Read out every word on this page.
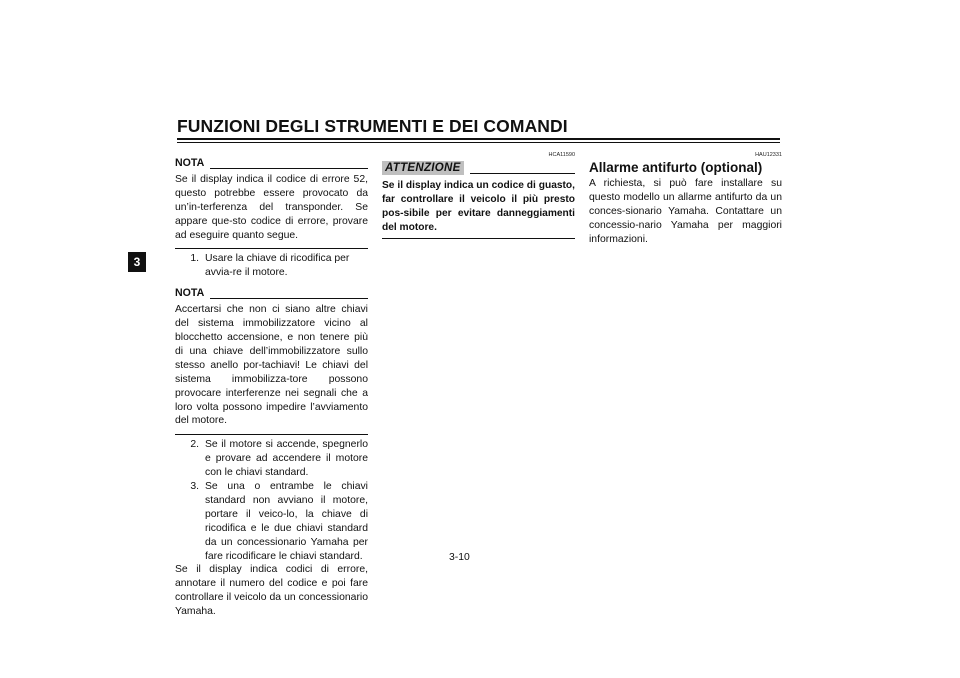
FUNZIONI DEGLI STRUMENTI E DEI COMANDI
3
NOTA
Se il display indica il codice di errore 52, questo potrebbe essere provocato da un’in-terferenza del transponder. Se appare que-sto codice di errore, provare ad eseguire quanto segue.
1. Usare la chiave di ricodifica per avvia-re il motore.
NOTA
Accertarsi che non ci siano altre chiavi del sistema immobilizzatore vicino al blocchetto accensione, e non tenere più di una chiave dell’immobilizzatore sullo stesso anello por-tachiavi! Le chiavi del sistema immobilizza-tore possono provocare interferenze nei segnali che a loro volta possono impedire l’avviamento del motore.
2. Se il motore si accende, spegnerlo e provare ad accendere il motore con le chiavi standard.
3. Se una o entrambe le chiavi standard non avviano il motore, portare il veico-lo, la chiave di ricodifica e le due chiavi standard da un concessionario Yamaha per fare ricodificare le chiavi standard.
Se il display indica codici di errore, annotare il numero del codice e poi fare controllare il veicolo da un concessionario Yamaha.
HCA11590
ATTENZIONE
Se il display indica un codice di guasto, far controllare il veicolo il più presto pos-sibile per evitare danneggiamenti del motore.
HAU12331
Allarme antifurto (optional)
A richiesta, si può fare installare su questo modello un allarme antifurto da un conces-sionario Yamaha. Contattare un concessio-nario Yamaha per maggiori informazioni.
3-10
